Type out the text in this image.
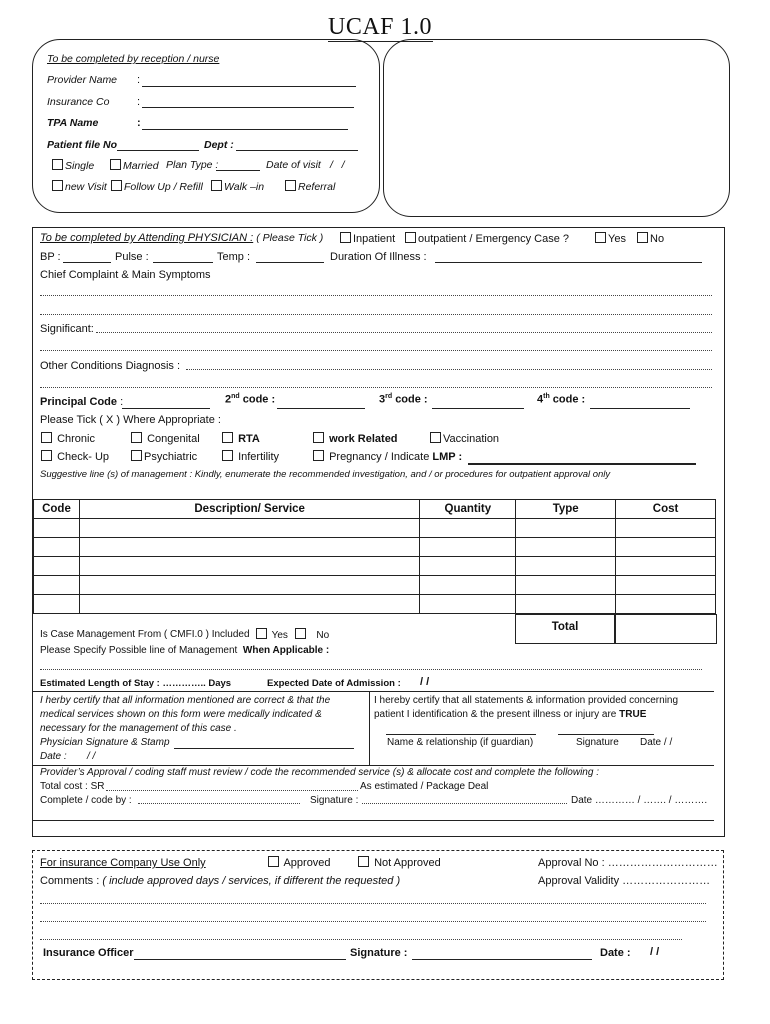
UCAF 1.0
To be completed by reception / nurse
Provider Name :
Insurance Co	:
TPA Name	:
Patient file No	Dept :
Single	Married Plan Type :	Date of visit /   /
new Visit	Follow Up / Refill	Walk –in	Referral
To be completed by Attending PHYSICIAN : ( Please Tick )	Inpatient	outpatient / Emergency Case ?	Yes	No
BP :	Pulse :	Temp :	Duration Of Illness :
Chief Complaint & Main Symptoms
Significant:
Other Conditions Diagnosis :
Principal Code :	2nd code :	3rd code :	4th code :
Please Tick ( X ) Where Appropriate :
Chronic	Congenital	RTA	work Related	Vaccination
Check- Up	Psychiatric	Infertility	Pregnancy / Indicate LMP :
Suggestive line (s) of management : Kindly, enumerate the recommended investigation, and / or procedures for outpatient approval only
Code	Description/ Service	Quantity	Type	Cost

Total
Is Case Management From ( CMFI.0 ) Included	Yes	No
Please Specify Possible line of Management When Applicable :
Estimated Length of Stay : ………….. Days	Expected Date of Admission : / /
I herby certify that all information mentioned are correct & that the
medical services shown on this form were medically indicated &
necessary for the management of this case .
Physician Signature & Stamp
Date : / /
I hereby certify that all statements & information provided concerning
patient I identification & the present illness or injury are TRUE
Name & relationship (if guardian)	Signature Date / /
Provider’s Approval / coding staff must review / code the recommended service (s) & allocate cost and complete the following :
Total cost : SR	As estimated / Package Deal
Complete / code by :	Signature :	Date ………… / ……. / ……….
For insurance Company Use Only	Approved	Not Approved	Approval No : …………………………
Comments : ( include approved days / services, if different the requested )	Approval Validity ……………………
Insurance Officer	Signature :	Date : / /
